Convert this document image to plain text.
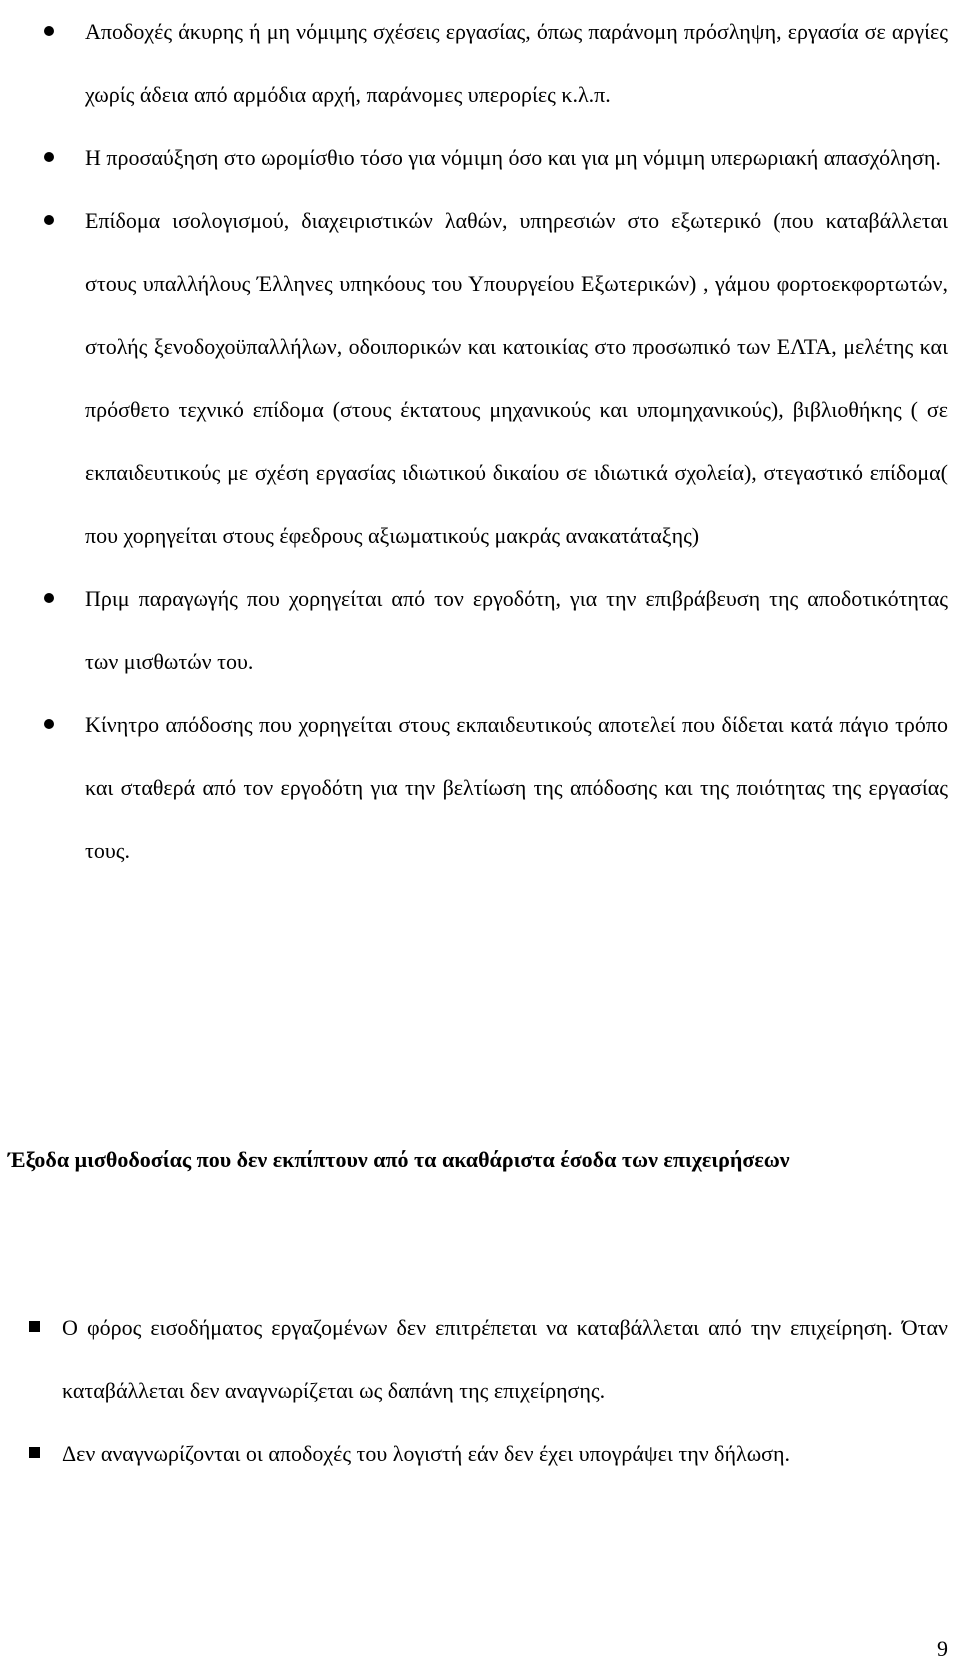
Αποδοχές άκυρης ή μη νόμιμης σχέσεις εργασίας, όπως παράνομη πρόσληψη, εργασία σε αργίες χωρίς άδεια από αρμόδια αρχή, παράνομες υπερορίες κ.λ.π.
Η προσαύξηση στο ωρομίσθιο τόσο για νόμιμη όσο και για μη νόμιμη υπερωριακή απασχόληση.
Επίδομα ισολογισμού, διαχειριστικών λαθών, υπηρεσιών στο εξωτερικό (που καταβάλλεται στους υπαλλήλους Έλληνες υπηκόους του Υπουργείου Εξωτερικών) , γάμου φορτοεκφορτωτών, στολής ξενοδοχοϋπαλλήλων, οδοιπορικών και κατοικίας στο προσωπικό των ΕΛΤΑ, μελέτης και πρόσθετο τεχνικό επίδομα (στους έκτατους μηχανικούς και υπομηχανικούς), βιβλιοθήκης ( σε εκπαιδευτικούς με σχέση εργασίας ιδιωτικού δικαίου σε ιδιωτικά σχολεία), στεγαστικό επίδομα( που χορηγείται στους έφεδρους αξιωματικούς μακράς ανακατάταξης)
Πριμ παραγωγής που χορηγείται από τον εργοδότη, για την επιβράβευση της αποδοτικότητας των μισθωτών του.
Κίνητρο απόδοσης που χορηγείται στους εκπαιδευτικούς αποτελεί που δίδεται κατά πάγιο τρόπο και σταθερά από τον εργοδότη για την βελτίωση της απόδοσης και της ποιότητας της εργασίας τους.
Έξοδα μισθοδοσίας που δεν εκπίπτουν από τα ακαθάριστα έσοδα των επιχειρήσεων
Ο φόρος εισοδήματος εργαζομένων δεν επιτρέπεται να καταβάλλεται από την επιχείρηση. Όταν καταβάλλεται δεν αναγνωρίζεται ως δαπάνη της επιχείρησης.
Δεν αναγνωρίζονται οι αποδοχές του λογιστή εάν δεν έχει υπογράψει την δήλωση.
9
